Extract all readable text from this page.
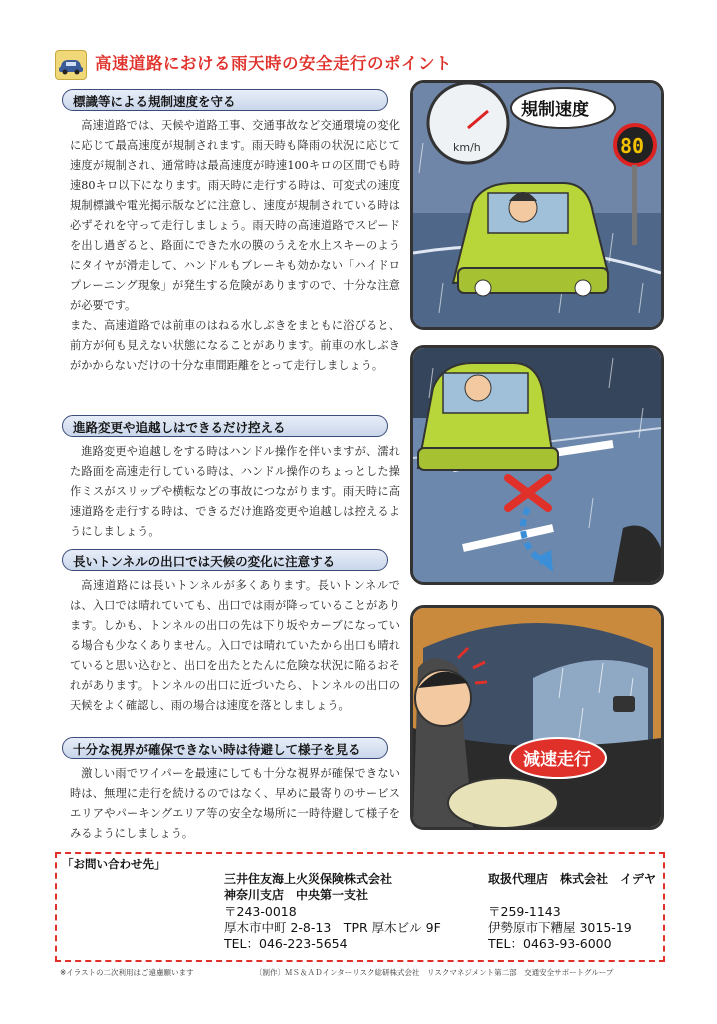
高速道路における雨天時の安全走行のポイント
標識等による規制速度を守る

高速道路では、天候や道路工事、交通事故など交通環境の変化に応じて最高速度が規制されます。雨天時も降雨の状況に応じて速度が規制され、通常時は最高速度が時速100キロの区間でも時速80キロ以下になります。雨天時に走行する時は、可変式の速度規制標識や電光掲示版などに注意し、速度が規制されている時は必ずそれを守って走行しましょう。雨天時の高速道路でスピードを出し過ぎると、路面にできた水の膜のうえを水上スキーのようにタイヤが滑走して、ハンドルもブレーキも効かない「ハイドロプレーニング現象」が発生する危険がありますので、十分な注意が必要です。

また、高速道路では前車のはねる水しぶきをまともに浴びると、前方が何も見えない状態になることがあります。前車の水しぶきがかからないだけの十分な車間距離をとって走行しましょう。

進路変更や追越しはできるだけ控える

進路変更や追越しをする時はハンドル操作を伴いますが、濡れた路面を高速走行している時は、ハンドル操作のちょっとした操作ミスがスリップや横転などの事故につながります。雨天時に高速道路を走行する時は、できるだけ進路変更や追越しは控えるようにしましょう。

長いトンネルの出口では天候の変化に注意する

高速道路には長いトンネルが多くあります。長いトンネルでは、入口では晴れていても、出口では雨が降っていることがあります。しかも、トンネルの出口の先は下り坂やカーブになっている場合も少なくありません。入口では晴れていたから出口も晴れていると思い込むと、出口を出たとたんに危険な状況に陥るおそれがあります。トンネルの出口に近づいたら、トンネルの出口の天候をよく確認し、雨の場合は速度を落としましょう。

十分な視界が確保できない時は待避して様子を見る

激しい雨でワイパーを最速にしても十分な視界が確保できない時は、無理に走行を続けるのではなく、早めに最寄りのサービスエリアやパーキングエリア等の安全な場所に一時待避して様子をみるようにしましょう。

km/h
規制速度
80
減速走行
「お問い合わせ先」
三井住友海上火災保険株式会社
神奈川支店　中央第一支社
〒243-0018
厚木市中町 2-8-13　TPR 厚木ビル 9F
TEL：046-223-5654
取扱代理店　株式会社　イデヤ
〒259-1143
伊勢原市下糟屋 3015-19
TEL：0463-93-6000
※イラストの二次利用はご遠慮願います	〔制作〕ＭＳ＆ＡＤインターリスク総研株式会社　リスクマネジメント第二部　交通安全サポートグループ
